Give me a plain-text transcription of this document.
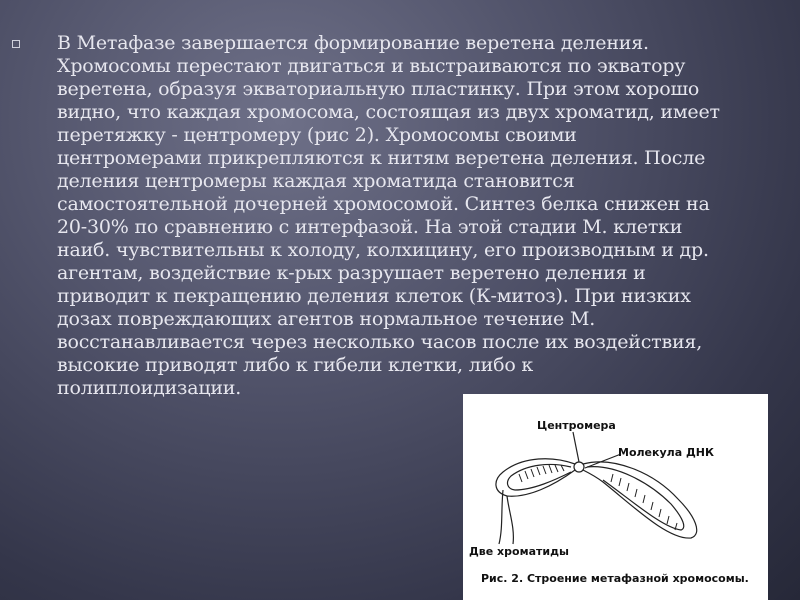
В Метафазе завершается формирование веретена деления. Хромосомы перестают двигаться и выстраиваются по экватору веретена, образуя экваториальную пластинку. При этом хорошо видно, что каждая хромосома, состоящая из двух хроматид, имеет перетяжку - центромеру (рис 2). Хромосомы своими центромерами прикрепляются к нитям веретена деления. После деления центромеры каждая хроматида становится самостоятельной дочерней хромосомой. Синтез белка снижен на 20-30% по сравнению с интерфазой. На этой стадии М. клетки наиб. чувствительны к холоду, колхицину, его производным и др. агентам, воздействие к-рых разрушает веретено деления и приводит к пекращению деления клеток (К-митоз). При низких дозах повреждающих агентов нормальное течение М. восстанавливается через несколько часов после их воздействия, высокие приводят либо к гибели клетки, либо к полиплоидизации.

Центромера
Молекула ДНК
Две хроматиды
Рис. 2. Строение метафазной хромосомы.
